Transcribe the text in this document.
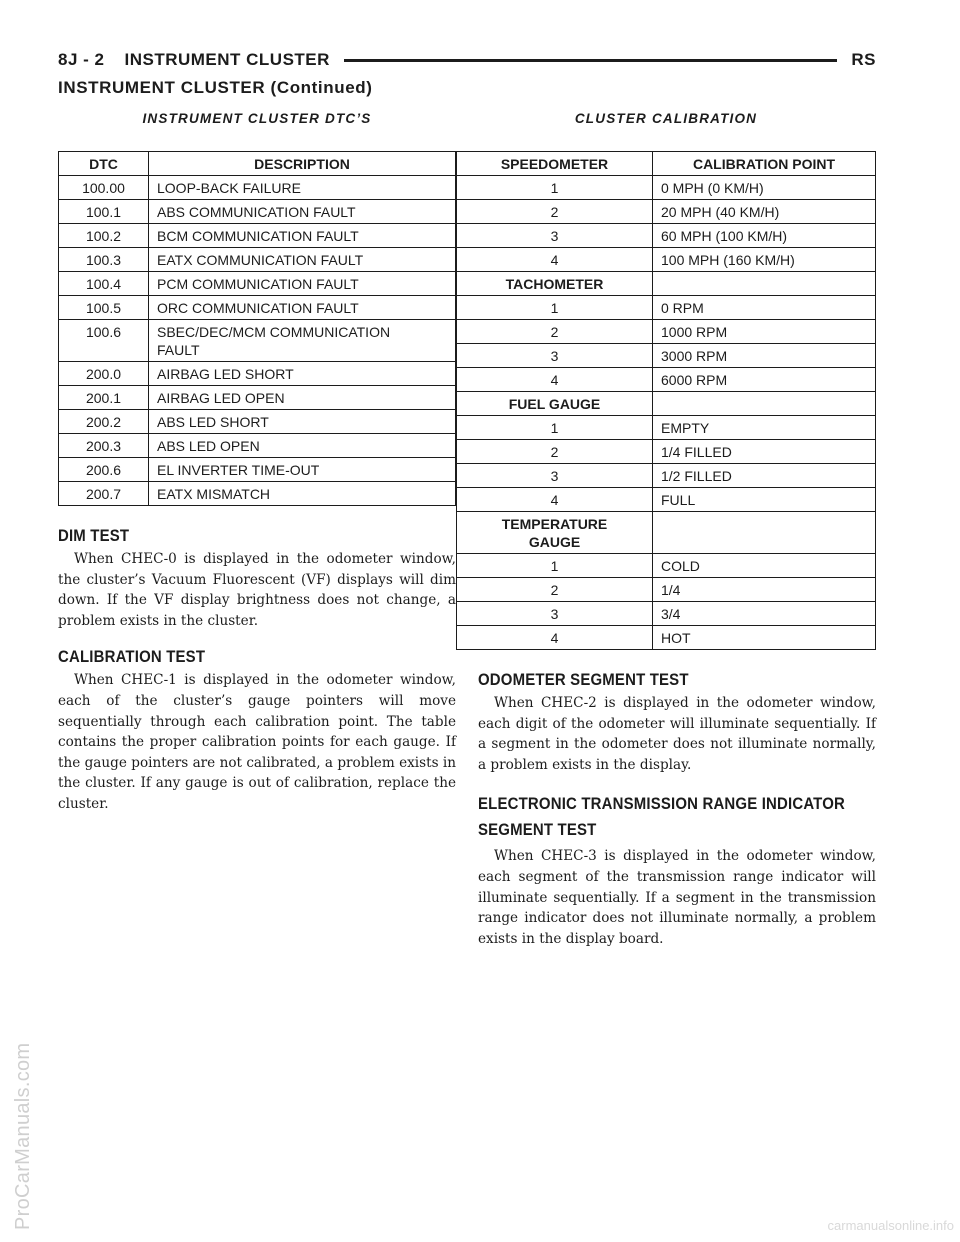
8J - 2 INSTRUMENT CLUSTER	RS
INSTRUMENT CLUSTER (Continued)
INSTRUMENT CLUSTER DTC’S	CLUSTER CALIBRATION
DTC	DESCRIPTION
100.00	LOOP-BACK FAILURE
100.1	ABS COMMUNICATION FAULT
100.2	BCM COMMUNICATION FAULT
100.3	EATX COMMUNICATION FAULT
100.4	PCM COMMUNICATION FAULT
100.5	ORC COMMUNICATION FAULT
100.6	SBEC/DEC/MCM COMMUNICATION FAULT
200.0	AIRBAG LED SHORT
200.1	AIRBAG LED OPEN
200.2	ABS LED SHORT
200.3	ABS LED OPEN
200.6	EL INVERTER TIME-OUT
200.7	EATX MISMATCH
SPEEDOMETER	CALIBRATION POINT
1	0 MPH (0 KM/H)
2	20 MPH (40 KM/H)
3	60 MPH (100 KM/H)
4	100 MPH (160 KM/H)
TACHOMETER	
1	0 RPM
2	1000 RPM
3	3000 RPM
4	6000 RPM
FUEL GAUGE	
1	EMPTY
2	1/4 FILLED
3	1/2 FILLED
4	FULL
TEMPERATURE GAUGE	
1	COLD
2	1/4
3	3/4
4	HOT
DIM TEST

When CHEC-0 is displayed in the odometer window, the cluster’s Vacuum Fluorescent (VF) displays will dim down. If the VF display brightness does not change, a problem exists in the cluster.

CALIBRATION TEST

When CHEC-1 is displayed in the odometer window, each of the cluster’s gauge pointers will move sequentially through each calibration point. The table contains the proper calibration points for each gauge. If the gauge pointers are not calibrated, a problem exists in the cluster. If any gauge is out of calibration, replace the cluster.

ODOMETER SEGMENT TEST

When CHEC-2 is displayed in the odometer window, each digit of the odometer will illuminate sequentially. If a segment in the odometer does not illuminate normally, a problem exists in the display.

ELECTRONIC TRANSMISSION RANGE INDICATOR SEGMENT TEST

When CHEC-3 is displayed in the odometer window, each segment of the transmission range indicator will illuminate sequentially. If a segment in the transmission range indicator does not illuminate normally, a problem exists in the display board.

ProCarManuals.com	carmanualsonline.info
